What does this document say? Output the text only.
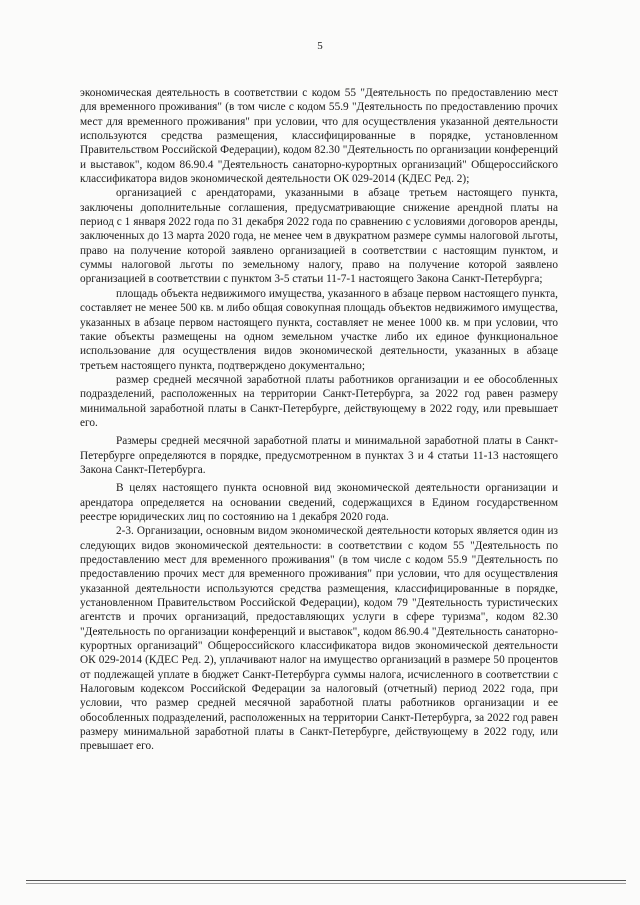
5

экономическая деятельность в соответствии с кодом 55 "Деятельность по предоставлению мест для временного проживания" (в том числе с кодом 55.9 "Деятельность по предоставлению прочих мест для временного проживания" при условии, что для осуществления указанной деятельности используются средства размещения, классифицированные в порядке, установленном Правительством Российской Федерации), кодом 82.30 "Деятельность по организации конференций и выставок", кодом 86.90.4 "Деятельность санаторно-курортных организаций" Общероссийского классификатора видов экономической деятельности ОК 029-2014 (КДЕС Ред. 2);

организацией с арендаторами, указанными в абзаце третьем настоящего пункта, заключены дополнительные соглашения, предусматривающие снижение арендной платы на период с 1 января 2022 года по 31 декабря 2022 года по сравнению с условиями договоров аренды, заключенных до 13 марта 2020 года, не менее чем в двукратном размере суммы налоговой льготы, право на получение которой заявлено организацией в соответствии с настоящим пунктом, и суммы налоговой льготы по земельному налогу, право на получение которой заявлено организацией в соответствии с пунктом 3-5 статьи 11-7-1 настоящего Закона Санкт-Петербурга;

площадь объекта недвижимого имущества, указанного в абзаце первом настоящего пункта, составляет не менее 500 кв. м либо общая совокупная площадь объектов недвижимого имущества, указанных в абзаце первом настоящего пункта, составляет не менее 1000 кв. м при условии, что такие объекты размещены на одном земельном участке либо их единое функциональное использование для осуществления видов экономической деятельности, указанных в абзаце третьем настоящего пункта, подтверждено документально;

размер средней месячной заработной платы работников организации и ее обособленных подразделений, расположенных на территории Санкт-Петербурга, за 2022 год равен размеру минимальной заработной платы в Санкт-Петербурге, действующему в 2022 году, или превышает его.

Размеры средней месячной заработной платы и минимальной заработной платы в Санкт-Петербурге определяются в порядке, предусмотренном в пунктах 3 и 4 статьи 11-13 настоящего Закона Санкт-Петербурга.

В целях настоящего пункта основной вид экономической деятельности организации и арендатора определяется на основании сведений, содержащихся в Едином государственном реестре юридических лиц по состоянию на 1 декабря 2020 года.

2-3. Организации, основным видом экономической деятельности которых является один из следующих видов экономической деятельности: в соответствии с кодом 55 "Деятельность по предоставлению мест для временного проживания" (в том числе с кодом 55.9 "Деятельность по предоставлению прочих мест для временного проживания" при условии, что для осуществления указанной деятельности используются средства размещения, классифицированные в порядке, установленном Правительством Российской Федерации), кодом 79 "Деятельность туристических агентств и прочих организаций, предоставляющих услуги в сфере туризма", кодом 82.30 "Деятельность по организации конференций и выставок", кодом 86.90.4 "Деятельность санаторно-курортных организаций" Общероссийского классификатора видов экономической деятельности ОК 029-2014 (КДЕС Ред. 2), уплачивают налог на имущество организаций в размере 50 процентов от подлежащей уплате в бюджет Санкт-Петербурга суммы налога, исчисленного в соответствии с Налоговым кодексом Российской Федерации за налоговый (отчетный) период 2022 года, при условии, что размер средней месячной заработной платы работников организации и ее обособленных подразделений, расположенных на территории Санкт-Петербурга, за 2022 год равен размеру минимальной заработной платы в Санкт-Петербурге, действующему в 2022 году, или превышает его.
